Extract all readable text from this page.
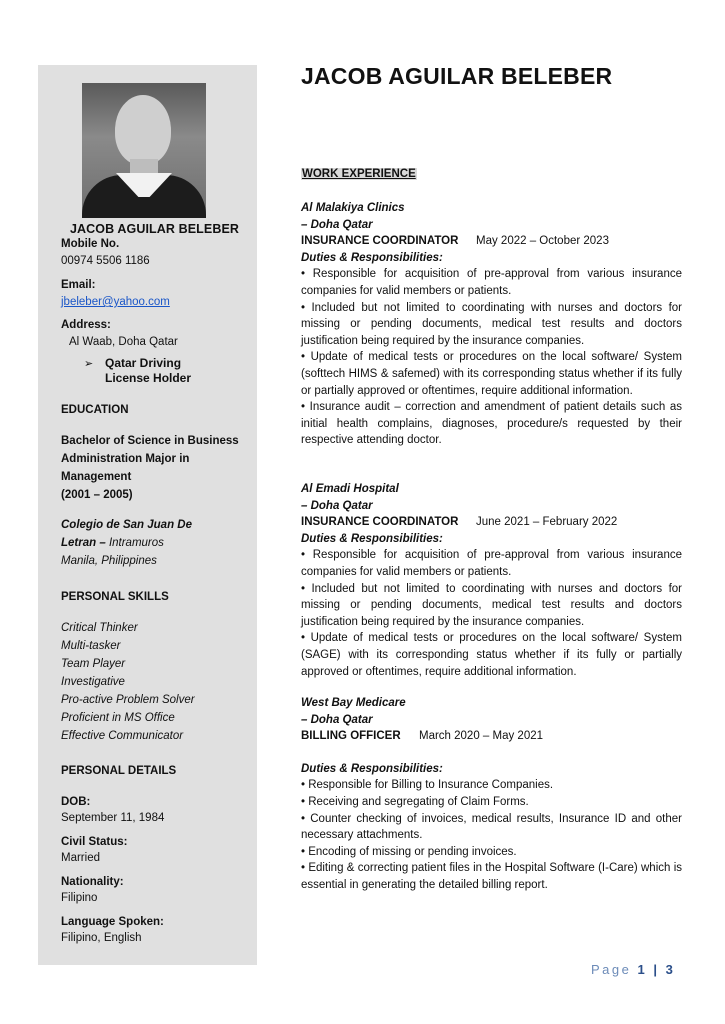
JACOB AGUILAR BELEBER
Mobile No.
00974 5506 1186
Email:
jbeleber@yahoo.com
Address:
Al Waab, Doha Qatar
➢ Qatar Driving
License Holder
EDUCATION
Bachelor of Science in Business
Administration Major in
Management
(2001 – 2005)
Colegio de San Juan De
Letran – Intramuros
Manila, Philippines
PERSONAL SKILLS
Critical Thinker
Multi-tasker
Team Player
Investigative
Pro-active Problem Solver
Proficient in MS Office
Effective Communicator
PERSONAL DETAILS
DOB:
September 11, 1984
Civil Status:
Married
Nationality:
Filipino
Language Spoken:
Filipino, English
JACOB AGUILAR BELEBER
WORK EXPERIENCE
Al Malakiya Clinics
– Doha Qatar
INSURANCE COORDINATOR May 2022 – October 2023
Duties & Responsibilities:
• Responsible for acquisition of pre-approval from various insurance companies for valid members or patients.
• Included but not limited to coordinating with nurses and doctors for missing or pending documents, medical test results and doctors justification being required by the insurance companies.
• Update of medical tests or procedures on the local software/ System (softtech HIMS & safemed) with its corresponding status whether if its fully or partially approved or oftentimes, require additional information.
• Insurance audit – correction and amendment of patient details such as initial health complains, diagnoses, procedure/s requested by their respective attending doctor.
Al Emadi Hospital
– Doha Qatar
INSURANCE COORDINATOR June 2021 – February 2022
Duties & Responsibilities:
• Responsible for acquisition of pre-approval from various insurance companies for valid members or patients.
• Included but not limited to coordinating with nurses and doctors for missing or pending documents, medical test results and doctors justification being required by the insurance companies.
• Update of medical tests or procedures on the local software/ System (SAGE) with its corresponding status whether if its fully or partially approved or oftentimes, require additional information.
West Bay Medicare
– Doha Qatar
BILLING OFFICER March 2020 – May 2021
Duties & Responsibilities:
• Responsible for Billing to Insurance Companies.
• Receiving and segregating of Claim Forms.
• Counter checking of invoices, medical results, Insurance ID and other necessary attachments.
• Encoding of missing or pending invoices.
• Editing & correcting patient files in the Hospital Software (I-Care) which is essential in generating the detailed billing report.
Page 1 | 3
